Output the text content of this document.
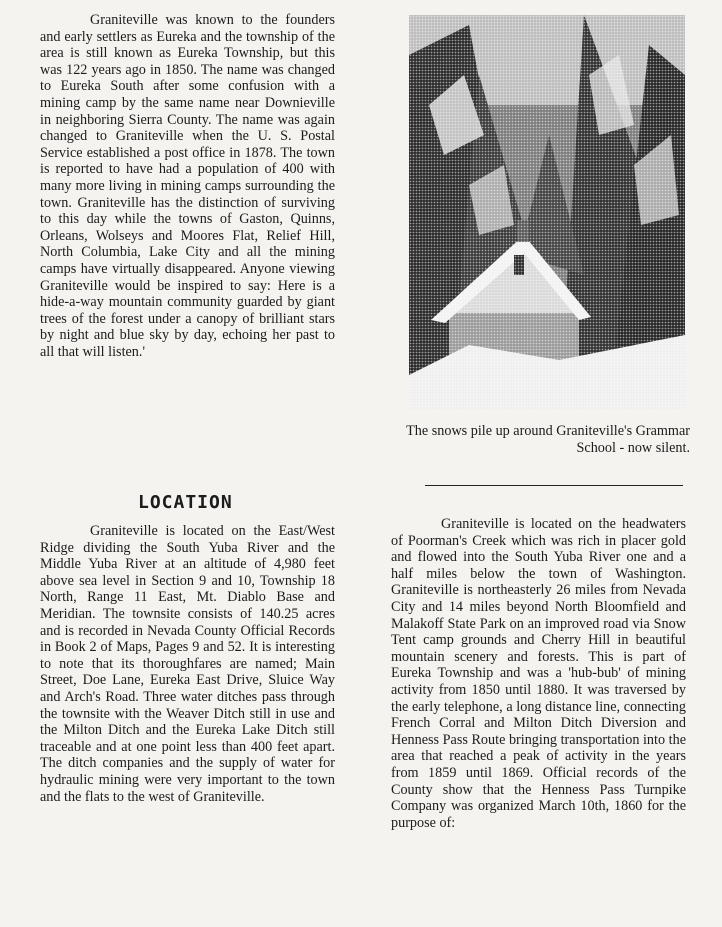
Graniteville was known to the founders and early settlers as Eureka and the township of the area is still known as Eureka Township, but this was 122 years ago in 1850. The name was changed to Eureka South after some confusion with a mining camp by the same name near Downieville in neighboring Sierra County. The name was again changed to Graniteville when the U. S. Postal Service established a post office in 1878. The town is reported to have had a population of 400 with many more living in mining camps surrounding the town. Graniteville has the distinction of surviving to this day while the towns of Gaston, Quinns, Orleans, Wolseys and Moores Flat, Relief Hill, North Columbia, Lake City and all the mining camps have virtually disappeared. Anyone viewing Graniteville would be inspired to say: Here is a hide-a-way mountain community guarded by giant trees of the forest under a canopy of brilliant stars by night and blue sky by day, echoing her past to all that will listen.'

The snows pile up around Graniteville's Grammar School - now silent.

LOCATION

Graniteville is located on the East/West Ridge dividing the South Yuba River and the Middle Yuba River at an altitude of 4,980 feet above sea level in Section 9 and 10, Township 18 North, Range 11 East, Mt. Diablo Base and Meridian. The townsite consists of 140.25 acres and is recorded in Nevada County Official Records in Book 2 of Maps, Pages 9 and 52. It is interesting to note that its thoroughfares are named; Main Street, Doe Lane, Eureka East Drive, Sluice Way and Arch's Road. Three water ditches pass through the townsite with the Weaver Ditch still in use and the Milton Ditch and the Eureka Lake Ditch still traceable and at one point less than 400 feet apart. The ditch companies and the supply of water for hydraulic mining were very important to the town and the flats to the west of Graniteville.

Graniteville is located on the headwaters of Poorman's Creek which was rich in placer gold and flowed into the South Yuba River one and a half miles below the town of Washington. Graniteville is northeasterly 26 miles from Nevada City and 14 miles beyond North Bloomfield and Malakoff State Park on an improved road via Snow Tent camp grounds and Cherry Hill in beautiful mountain scenery and forests. This is part of Eureka Township and was a 'hub-bub' of mining activity from 1850 until 1880. It was traversed by the early telephone, a long distance line, connecting French Corral and Milton Ditch Diversion and Henness Pass Route bringing transportation into the area that reached a peak of activity in the years from 1859 until 1869. Official records of the County show that the Henness Pass Turnpike Company was organized March 10th, 1860 for the purpose of:
